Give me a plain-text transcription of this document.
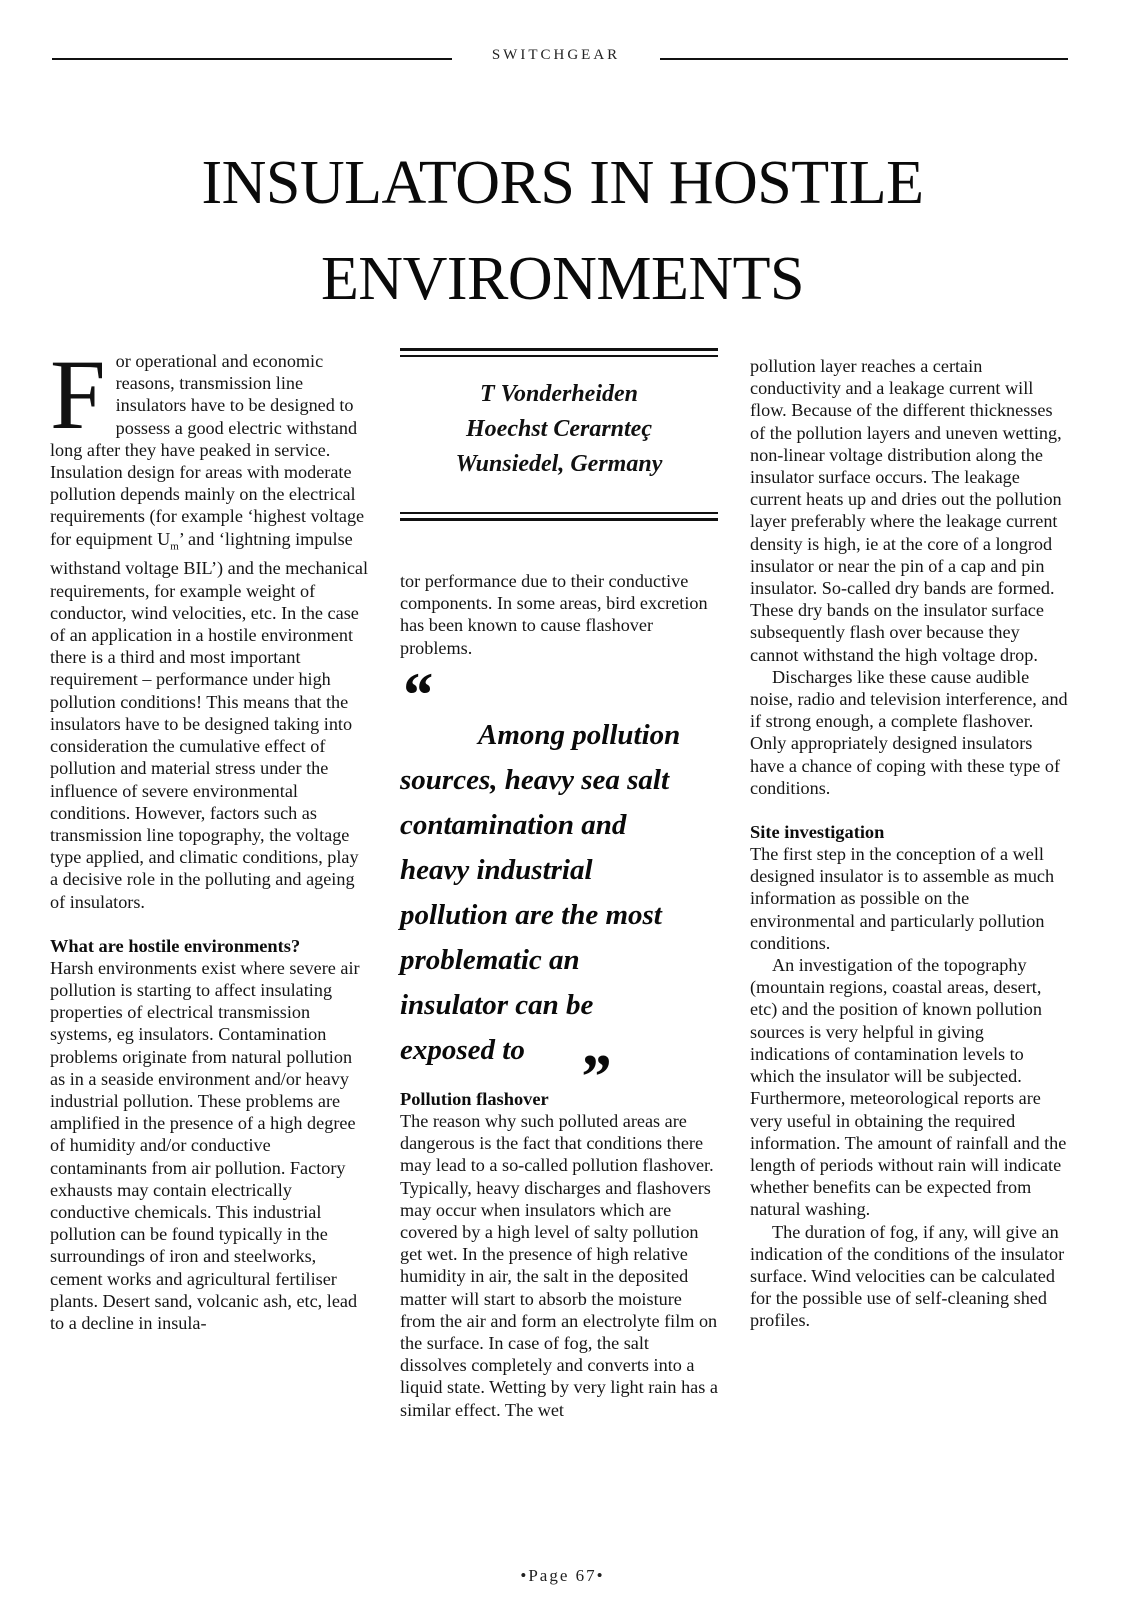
SWITCHGEAR
INSULATORS IN HOSTILE
ENVIRONMENTS

For operational and economic reasons, transmission line insulators have to be designed to possess a good electric withstand long after they have peaked in service. Insulation design for areas with moderate pollution depends mainly on the electrical requirements (for example ‘highest voltage for equipment $U_m$’ and ‘lightning impulse withstand voltage BIL’) and the mechanical requirements, for example weight of conductor, wind velocities, etc. In the case of an application in a hostile environment there is a third and most important requirement – performance under high pollution conditions! This means that the insulators have to be designed taking into consideration the cumulative effect of pollution and material stress under the influence of severe environmental conditions. However, factors such as transmission line topography, the voltage type applied, and climatic conditions, play a decisive role in the polluting and ageing of insulators.

What are hostile environments?

Harsh environments exist where severe air pollution is starting to affect insulating properties of electrical transmission systems, eg insulators. Contamination problems originate from natural pollution as in a seaside environment and/or heavy industrial pollution. These problems are amplified in the presence of a high degree of humidity and/or conductive contaminants from air pollution. Factory exhausts may contain electrically conductive chemicals. This industrial pollution can be found typically in the surroundings of iron and steelworks, cement works and agricultural fertiliser plants. Desert sand, volcanic ash, etc, lead to a decline in insula-

T Vonderheiden
Hoechst Cerarnteç
Wunsiedel, Germany

tor performance due to their conductive components. In some areas, bird excretion has been known to cause flashover problems.

“Among pollution
sources, heavy sea salt
contamination and
heavy industrial
pollution are the most
problematic an
insulator can be
exposed to ”
Pollution flashover

The reason why such polluted areas are dangerous is the fact that conditions there may lead to a so-called pollution flashover. Typically, heavy discharges and flashovers may occur when insulators which are covered by a high level of salty pollution get wet. In the presence of high relative humidity in air, the salt in the deposited matter will start to absorb the moisture from the air and form an electrolyte film on the surface. In case of fog, the salt dissolves completely and converts into a liquid state. Wetting by very light rain has a similar effect. The wet

pollution layer reaches a certain conductivity and a leakage current will flow. Because of the different thicknesses of the pollution layers and uneven wetting, non-linear voltage distribution along the insulator surface occurs. The leakage current heats up and dries out the pollution layer preferably where the leakage current density is high, ie at the core of a longrod insulator or near the pin of a cap and pin insulator. So-called dry bands are formed. These dry bands on the insulator surface subsequently flash over because they cannot withstand the high voltage drop.

Discharges like these cause audible noise, radio and television interference, and if strong enough, a complete flashover. Only appropriately designed insulators have a chance of coping with these type of conditions.

Site investigation

The first step in the conception of a well designed insulator is to assemble as much information as possible on the environmental and particularly pollution conditions.

An investigation of the topography (mountain regions, coastal areas, desert, etc) and the position of known pollution sources is very helpful in giving indications of contamination levels to which the insulator will be subjected. Furthermore, meteorological reports are very useful in obtaining the required information. The amount of rainfall and the length of periods without rain will indicate whether benefits can be expected from natural washing.

The duration of fog, if any, will give an indication of the conditions of the insulator surface. Wind velocities can be calculated for the possible use of self-cleaning shed profiles.

•Page 67•
